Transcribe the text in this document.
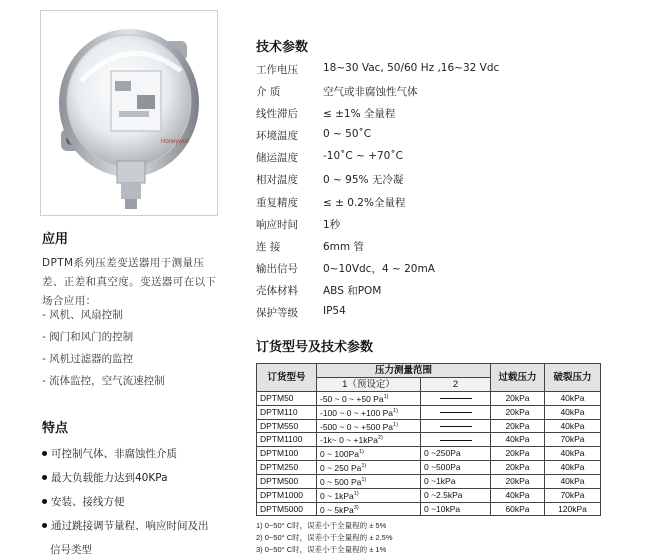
Honeywell
应用
DPTM系列压差变送器用于测量压差、正差和真空度。变送器可在以下场合应用：
- 风机、风扇控制
- 阀门和风门的控制
- 风机过滤器的监控
- 流体监控，空气流速控制
特点
可控制气体、非腐蚀性介质
最大负载能力达到40KPa
安装、接线方便
通过跳接调节量程、响应时间及出
信号类型
技术参数
工作电压 18~30 Vac, 50/60 Hz ,16~32 Vdc
介 质	空气或非腐蚀性气体
线性滞后 ≤ ±1% 全量程
环境温度 0 ~ 50˚C
储运温度 -10˚C ~ +70˚C
相对温度 0 ~ 95% 无冷凝
重复精度 ≤ ± 0.2%全量程
响应时间 1秒
连 接	6mm 管
输出信号 0~10Vdc，4 ~ 20mA
壳体材料 ABS 和POM
保护等级 IP54
订货型号及技术参数
订货型号	压力测量范围		过载压力	破裂压力
	1（预设定）	2		
DPTM50	-50 ~ 0 ~ +50 Pa$^{1)}$		20kPa	40kPa
DPTM110	-100 ~ 0 ~ +100 Pa$^{1)}$		20kPa	40kPa
DPTM550	-500 ~ 0 ~ +500 Pa$^{1)}$		20kPa	40kPa
DPTM1100	-1k~ 0 ~ +1kPa$^{2)}$		40kPa	70kPa
DPTM100	0 ~ 100Pa$^{1)}$	0 ~250Pa	20kPa	40kPa
DPTM250	0 ~ 250 Pa$^{1)}$	0 ~500Pa	20kPa	40kPa
DPTM500	0 ~ 500 Pa$^{1)}$	0 ~1kPa	20kPa	40kPa
DPTM1000	0 ~ 1kPa$^{1)}$	0 ~2.5kPa	40kPa	70kPa
DPTM5000	0 ~ 5kPa$^{3)}$	0 ~10kPa	60kPa	120kPa
1) 0~50° C时，误差小于全量程的 ± 5%
2) 0~50° C时，误差小于全量程的 ± 2.5%
3) 0~50° C时，误差小于全量程的 ± 1%
